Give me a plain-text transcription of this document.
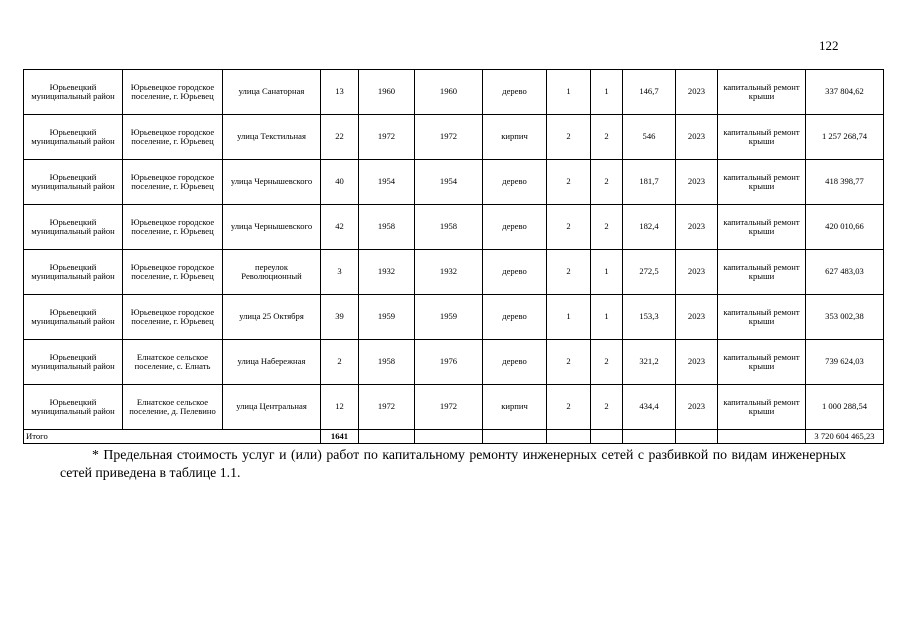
122
Юрьевецкий муниципальный район	Юрьевецкое городское поселение, г. Юрьевец	улица Санаторная	13	1960	1960	дерево	1	1	146,7	2023	капитальный ремонт крыши	337 804,62
Юрьевецкий муниципальный район	Юрьевецкое городское поселение, г. Юрьевец	улица Текстильная	22	1972	1972	кирпич	2	2	546	2023	капитальный ремонт крыши	1 257 268,74
Юрьевецкий муниципальный район	Юрьевецкое городское поселение, г. Юрьевец	улица Чернышевского	40	1954	1954	дерево	2	2	181,7	2023	капитальный ремонт крыши	418 398,77
Юрьевецкий муниципальный район	Юрьевецкое городское поселение, г. Юрьевец	улица Чернышевского	42	1958	1958	дерево	2	2	182,4	2023	капитальный ремонт крыши	420 010,66
Юрьевецкий муниципальный район	Юрьевецкое городское поселение, г. Юрьевец	переулок Революционный	3	1932	1932	дерево	2	1	272,5	2023	капитальный ремонт крыши	627 483,03
Юрьевецкий муниципальный район	Юрьевецкое городское поселение, г. Юрьевец	улица 25 Октября	39	1959	1959	дерево	1	1	153,3	2023	капитальный ремонт крыши	353 002,38
Юрьевецкий муниципальный район	Елнатское сельское поселение, с. Елнать	улица Набережная	2	1958	1976	дерево	2	2	321,2	2023	капитальный ремонт крыши	739 624,03
Юрьевецкий муниципальный район	Елнатское сельское поселение, д. Пелевино	улица Центральная	12	1972	1972	кирпич	2	2	434,4	2023	капитальный ремонт крыши	1 000 288,54
Итого			1641									3 720 604 465,23
* Предельная стоимость услуг и (или) работ по капитальному ремонту инженерных сетей с разбивкой по видам инженерных сетей приведена в таблице 1.1.
